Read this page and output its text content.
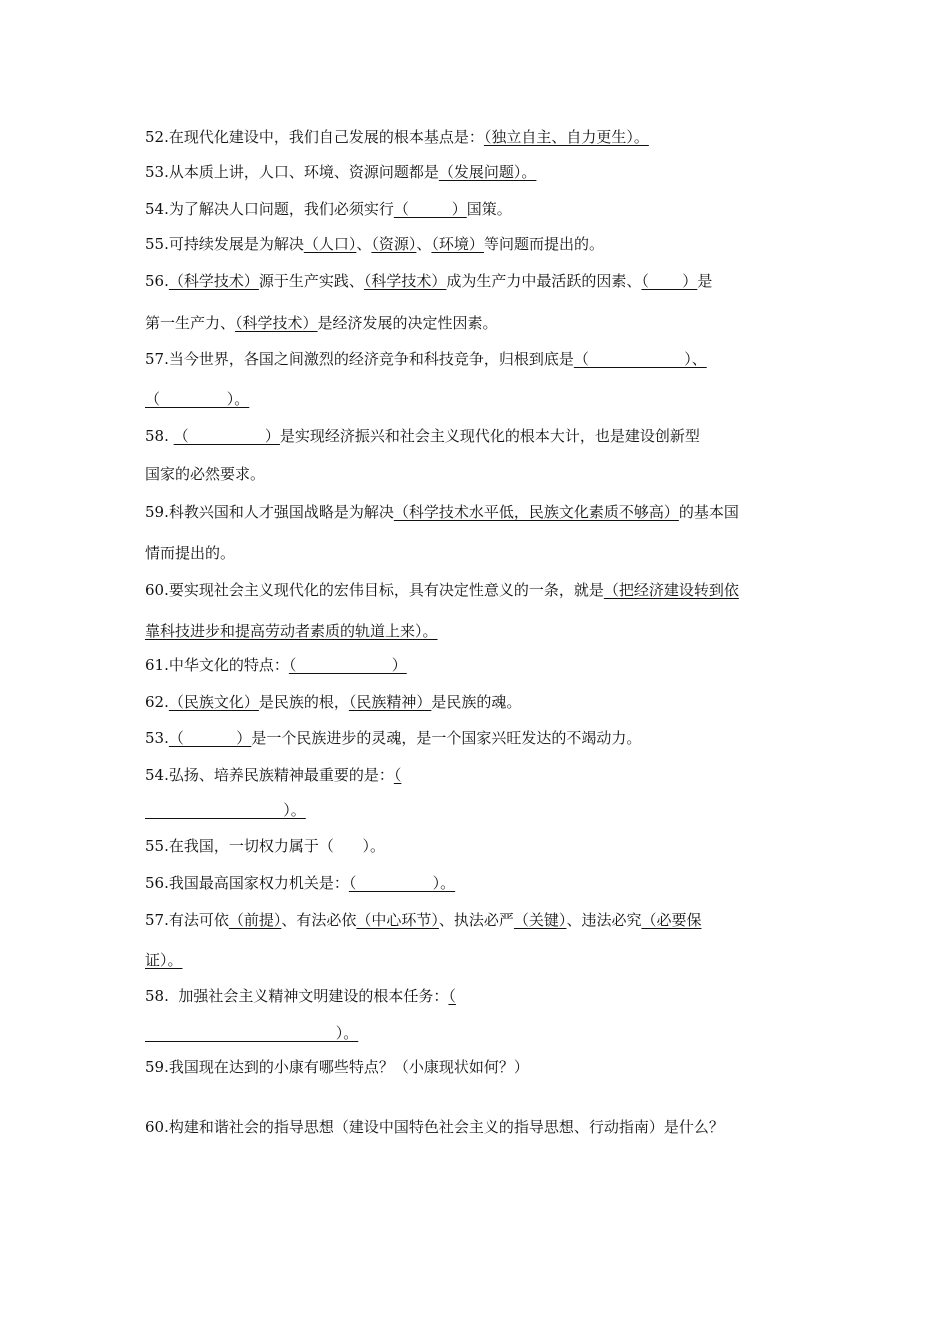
52.在现代化建设中，我们自己发展的根本基点是：（独立自主、自力更生）。
53.从本质上讲，人口、环境、资源问题都是（发展问题）。
54.为了解决人口问题，我们必须实行（         ）国策。
55.可持续发展是为解决（人口）、（资源）、（环境）等问题而提出的。
56.（科学技术）源于生产实践、（科学技术）成为生产力中最活跃的因素、（       ）是
第一生产力、（科学技术）是经济发展的决定性因素。
57.当今世界，各国之间激烈的经济竞争和科技竞争，归根到底是（                    ）、
（              ）。
58. （                ）是实现经济振兴和社会主义现代化的根本大计，也是建设创新型
国家的必然要求。
59.科教兴国和人才强国战略是为解决（科学技术水平低，民族文化素质不够高）的基本国
情而提出的。
60.要实现社会主义现代化的宏伟目标，具有决定性意义的一条，就是（把经济建设转到依
靠科技进步和提高劳动者素质的轨道上来）。
61.中华文化的特点：（                    ）
62.（民族文化）是民族的根，（民族精神）是民族的魂。
53.（           ）是一个民族进步的灵魂，是一个国家兴旺发达的不竭动力。
54.弘扬、培养民族精神最重要的是：（
）。
55.在我国，一切权力属于（      ）。
56.我国最高国家权力机关是：（                ）。
57.有法可依（前提）、有法必依（中心环节）、执法必严（关键）、违法必究（必要保
证）。
58.  加强社会主义精神文明建设的根本任务：（
）。
59.我国现在达到的小康有哪些特点？（小康现状如何？）
60.构建和谐社会的指导思想（建设中国特色社会主义的指导思想、行动指南）是什么？
